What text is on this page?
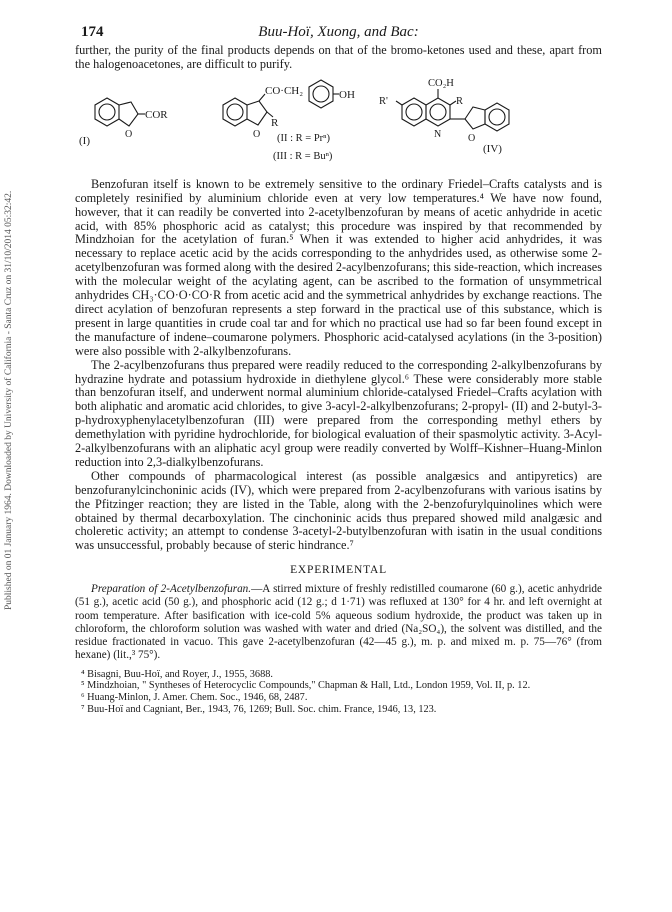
Published on 01 January 1964. Downloaded by University of California - Santa Cruz on 31/10/2014 05:32:42.
174	Buu-Hoï, Xuong, and Bac:

further, the purity of the final products depends on that of the bromo-ketones used and these, apart from the halogenoacetones, are difficult to purify.

O
COR
(I)
CO·CH₂	OH
R
O (II : R = Prⁿ)
(III : R = Buⁿ)
CO₂H
R'	R
N	O
(IV)

Benzofuran itself is known to be extremely sensitive to the ordinary Friedel–Crafts catalysts and is completely resinified by aluminium chloride even at very low temperatures.⁴ We have now found, however, that it can readily be converted into 2-acetylbenzofuran by means of acetic anhydride in acetic acid, with 85% phosphoric acid as catalyst; this procedure was inspired by that recommended by Mindzhoian for the acetylation of furan.⁵ When it was extended to higher acid anhydrides, it was necessary to replace acetic acid by the acids corresponding to the anhydrides used, as otherwise some 2-acetylbenzofuran was formed along with the desired 2-acylbenzofurans; this side-reaction, which increases with the molecular weight of the acylating agent, can be ascribed to the formation of unsymmetrical anhydrides CH₃·CO·O·CO·R from acetic acid and the symmetrical anhydrides by exchange reactions. The direct acylation of benzofuran represents a step forward in the practical use of this substance, which is present in large quantities in crude coal tar and for which no practical use had so far been found except in the manufacture of indene–coumarone polymers. Phosphoric acid-catalysed acylations (in the 3-position) were also possible with 2-alkylbenzofurans.

The 2-acylbenzofurans thus prepared were readily reduced to the corresponding 2-alkylbenzofurans by hydrazine hydrate and potassium hydroxide in diethylene glycol.⁶ These were considerably more stable than benzofuran itself, and underwent normal aluminium chloride-catalysed Friedel–Crafts acylation with both aliphatic and aromatic acid chlorides, to give 3-acyl-2-alkylbenzofurans; 2-propyl- (II) and 2-butyl-3-p-hydroxyphenylacetylbenzofuran (III) were prepared from the corresponding methyl ethers by demethylation with pyridine hydrochloride, for biological evaluation of their spasmolytic activity. 3-Acyl-2-alkylbenzofurans with an aliphatic acyl group were readily converted by Wolff–Kishner–Huang-Minlon reduction into 2,3-dialkylbenzofurans.

Other compounds of pharmacological interest (as possible analgæsics and antipyretics) are benzofuranylcinchoninic acids (IV), which were prepared from 2-acylbenzofurans with various isatins by the Pfitzinger reaction; they are listed in the Table, along with the 2-benzofurylquinolines which were obtained by thermal decarboxylation. The cinchoninic acids thus prepared showed mild analgæsic and choleretic activity; an attempt to condense 3-acetyl-2-butylbenzofuran with isatin in the usual conditions was unsuccessful, probably because of steric hindrance.⁷

EXPERIMENTAL

Preparation of 2-Acetylbenzofuran.—A stirred mixture of freshly redistilled coumarone (60 g.), acetic anhydride (51 g.), acetic acid (50 g.), and phosphoric acid (12 g.; d 1·71) was refluxed at 130° for 4 hr. and left overnight at room temperature. After basification with ice-cold 5% aqueous sodium hydroxide, the product was taken up in chloroform, the chloroform solution was washed with water and dried (Na₂SO₄), the solvent was distilled, and the residue fractionated in vacuo. This gave 2-acetylbenzofuran (42—45 g.), m. p. and mixed m. p. 75—76° (from hexane) (lit.,³ 75°).

⁴ Bisagni, Buu-Hoï, and Royer, J., 1955, 3688.

⁵ Mindzhoian, " Syntheses of Heterocyclic Compounds," Chapman & Hall, Ltd., London 1959, Vol. II, p. 12.

⁶ Huang-Minlon, J. Amer. Chem. Soc., 1946, 68, 2487.

⁷ Buu-Hoï and Cagniant, Ber., 1943, 76, 1269; Bull. Soc. chim. France, 1946, 13, 123.
